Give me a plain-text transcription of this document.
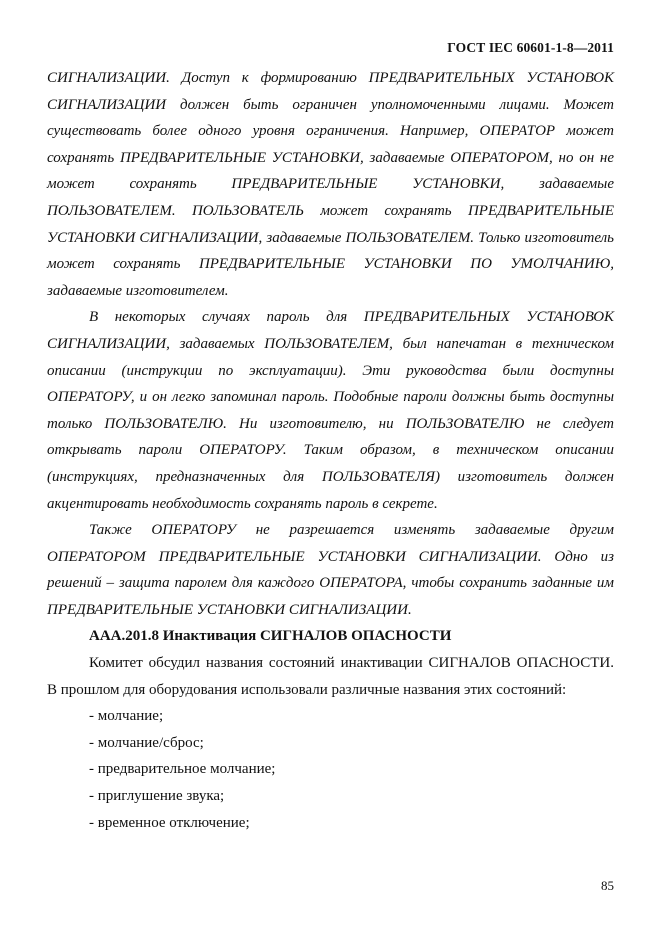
ГОСТ IEC 60601-1-8—2011

СИГНАЛИЗАЦИИ. Доступ к формированию ПРЕДВАРИТЕЛЬНЫХ УСТАНОВОК СИГНАЛИЗАЦИИ должен быть ограничен уполномоченными лицами. Может существовать более одного уровня ограничения. Например, ОПЕРАТОР может сохранять ПРЕДВАРИТЕЛЬНЫЕ УСТАНОВКИ, задаваемые ОПЕРАТОРОМ, но он не может сохранять ПРЕДВАРИТЕЛЬНЫЕ УСТАНОВКИ, задаваемые ПОЛЬЗОВАТЕЛЕМ. ПОЛЬЗОВАТЕЛЬ может сохранять ПРЕДВАРИТЕЛЬНЫЕ УСТАНОВКИ СИГНАЛИЗАЦИИ, задаваемые ПОЛЬЗОВАТЕЛЕМ. Только изготовитель может сохранять ПРЕДВАРИТЕЛЬНЫЕ УСТАНОВКИ ПО УМОЛЧАНИЮ, задаваемые изготовителем.

В некоторых случаях пароль для ПРЕДВАРИТЕЛЬНЫХ УСТАНОВОК СИГНАЛИЗАЦИИ, задаваемых ПОЛЬЗОВАТЕЛЕМ, был напечатан в техническом описании (инструкции по эксплуатации). Эти руководства были доступны ОПЕРАТОРУ, и он легко запоминал пароль. Подобные пароли должны быть доступны только ПОЛЬЗОВАТЕЛЮ. Ни изготовителю, ни ПОЛЬЗОВАТЕЛЮ не следует открывать пароли ОПЕРАТОРУ. Таким образом, в техническом описании (инструкциях, предназначенных для ПОЛЬЗОВАТЕЛЯ) изготовитель должен акцентировать необходимость сохранять пароль в секрете.

Также ОПЕРАТОРУ не разрешается изменять задаваемые другим ОПЕРАТОРОМ ПРЕДВАРИТЕЛЬНЫЕ УСТАНОВКИ СИГНАЛИЗАЦИИ. Одно из решений – защита паролем для каждого ОПЕРАТОРА, чтобы сохранить заданные им ПРЕДВАРИТЕЛЬНЫЕ УСТАНОВКИ СИГНАЛИЗАЦИИ.

ААА.201.8 Инактивация СИГНАЛОВ ОПАСНОСТИ

Комитет обсудил названия состояний инактивации СИГНАЛОВ ОПАСНОСТИ. В прошлом для оборудования использовали различные названия этих состояний:

- молчание;
- молчание/сброс;
- предварительное молчание;
- приглушение звука;
- временное отключение;
85
